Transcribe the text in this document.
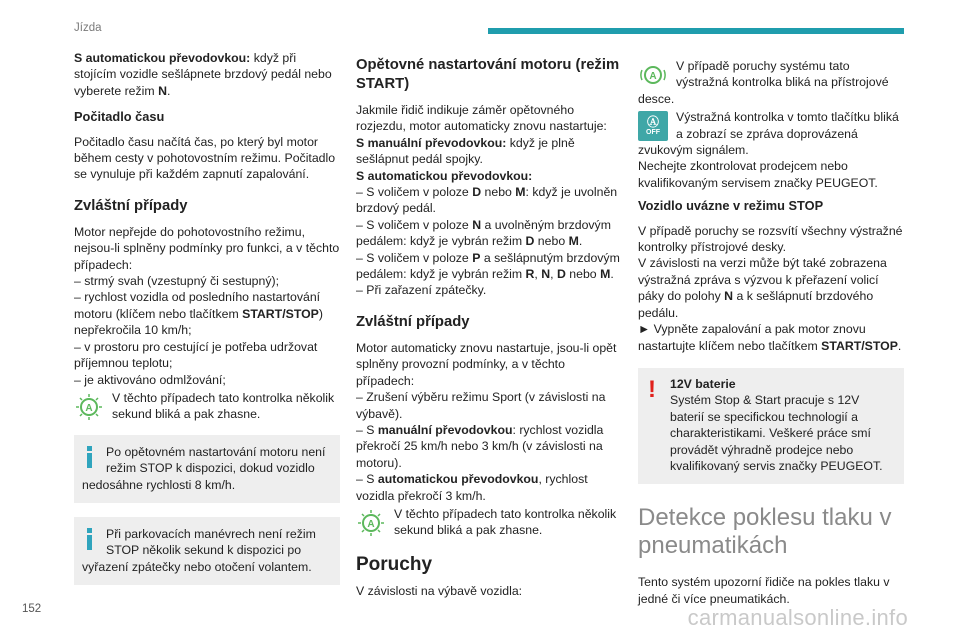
Jízda

S automatickou převodovkou: když při stojícím vozidle sešlápnete brzdový pedál nebo vyberete režim N.

Počitadlo času

Počitadlo času načítá čas, po který byl motor během cesty v pohotovostním režimu. Počitadlo se vynuluje při každém zapnutí zapalování.

Zvláštní případy
Motor nepřejde do pohotovostního režimu, nejsou-li splněny podmínky pro funkci, a v těchto případech:
– strmý svah (vzestupný či sestupný);
– rychlost vozidla od posledního nastartování motoru (klíčem nebo tlačítkem START/STOP) nepřekročila 10 km/h;
– v prostoru pro cestující je potřeba udržovat příjemnou teplotu;
– je aktivováno odmlžování;
A
V těchto případech tato kontrolka několik sekund bliká a pak zhasne.
Po opětovném nastartování motoru není režim STOP k dispozici, dokud vozidlo nedosáhne rychlosti 8 km/h.
Při parkovacích manévrech není režim STOP několik sekund k dispozici po vyřazení zpátečky nebo otočení volantem.
Opětovné nastartování motoru (režim START)

Jakmile řidič indikuje záměr opětovného rozjezdu, motor automaticky znovu nastartuje:

S manuální převodovkou: když je plně sešlápnut pedál spojky.

S automatickou převodovkou:
– S voličem v poloze D nebo M: když je uvolněn brzdový pedál.
– S voličem v poloze N a uvolněným brzdovým pedálem: když je vybrán režim D nebo M.
– S voličem v poloze P a sešlápnutým brzdovým pedálem: když je vybrán režim R, N, D nebo M.
– Při zařazení zpátečky.
Zvláštní případy
Motor automaticky znovu nastartuje, jsou-li opět splněny provozní podmínky, a v těchto případech:
– Zrušení výběru režimu Sport (v závislosti na výbavě).
– S manuální převodovkou: rychlost vozidla překročí 25 km/h nebo 3 km/h (v závislosti na motoru).
– S automatickou převodovkou, rychlost vozidla překročí 3 km/h.
A
V těchto případech tato kontrolka několik sekund bliká a pak zhasne.
Poruchy

V závislosti na výbavě vozidla:

A
V případě poruchy systému tato výstražná kontrolka bliká na přístrojové desce.
Ⓐ
OFF
Výstražná kontrolka v tomto tlačítku bliká a zobrazí se zpráva doprovázená zvukovým signálem.

Nechejte zkontrolovat prodejcem nebo kvalifikovaným servisem značky PEUGEOT.

Vozidlo uvázne v režimu STOP
V případě poruchy se rozsvítí všechny výstražné kontrolky přístrojové desky.
V závislosti na verzi může být také zobrazena výstražná zpráva s výzvou k přeřazení volicí páky do polohy N a k sešlápnutí brzdového pedálu.
► Vypněte zapalování a pak motor znovu nastartujte klíčem nebo tlačítkem START/STOP.
! 12V baterie
Systém Stop & Start pracuje s 12V baterií se specifickou technologií a charakteristikami. Veškeré práce smí provádět výhradně prodejce nebo kvalifikovaný servis značky PEUGEOT.
Detekce poklesu tlaku v pneumatikách

Tento systém upozorní řidiče na pokles tlaku v jedné či více pneumatikách.

152	carmanualsonline.info
